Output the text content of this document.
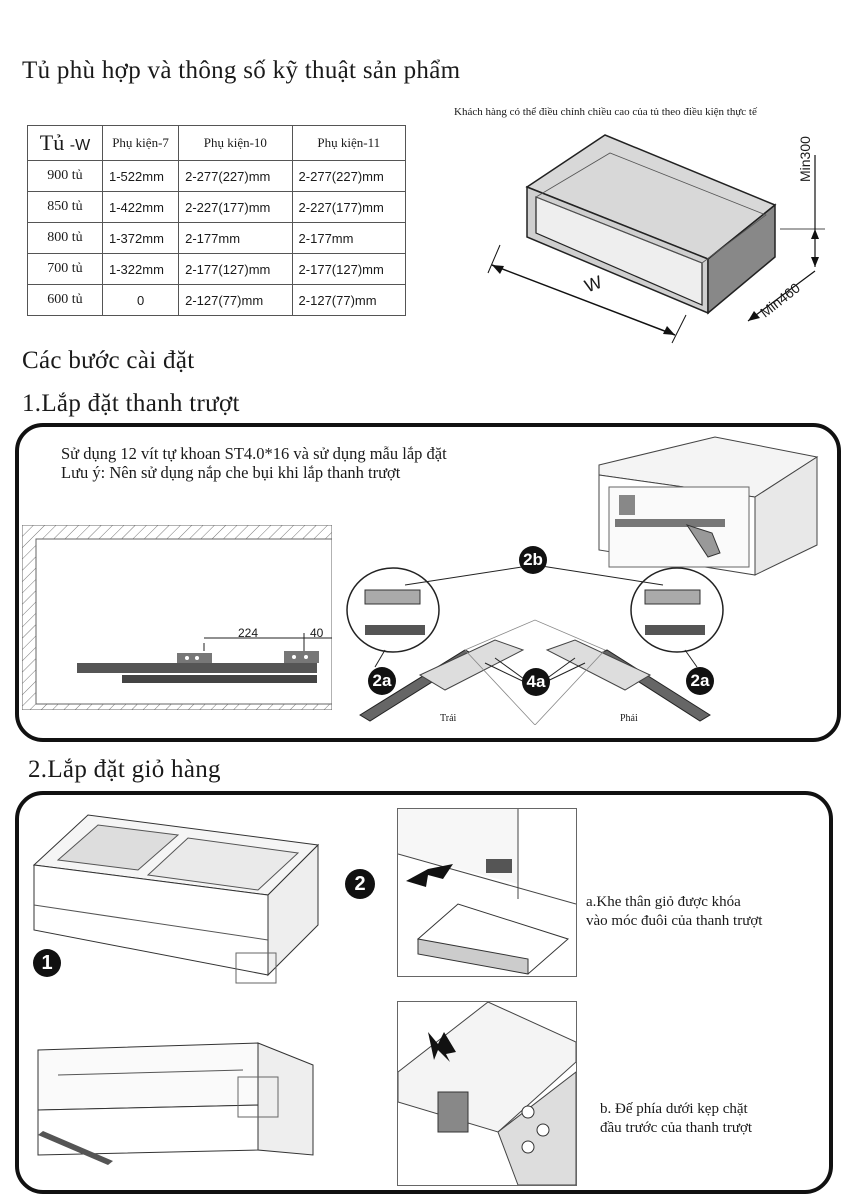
Tủ phù hợp và thông số kỹ thuật sản phẩm
Khách hàng có thể điều chỉnh chiều cao của tủ theo điều kiện thực tế
Tủ -W	Phụ kiện-7	Phụ kiện-10	Phụ kiện-11
900 tủ	1-522mm	2-277(227)mm	2-277(227)mm
850 tủ	1-422mm	2-227(177)mm	2-227(177)mm
800 tủ	1-372mm	2-177mm	2-177mm
700 tủ	1-322mm	2-177(127)mm	2-177(127)mm
600 tủ	0	2-127(77)mm	2-127(77)mm
W
Min300
Min460
Các bước cài đặt
1.Lắp đặt thanh trượt
Sử dụng 12 vít tự khoan ST4.0*16 và sử dụng mẫu lắp đặt
Lưu ý: Nên sử dụng nắp che bụi khi lắp thanh trượt
224	40
2b
2a	2a
4a
Trái	Phải
2.Lắp đặt giỏ hàng
1
2
a.Khe thân giỏ được khóa
vào móc đuôi của thanh trượt
b. Đế phía dưới kẹp chặt
đầu trước của thanh trượt
